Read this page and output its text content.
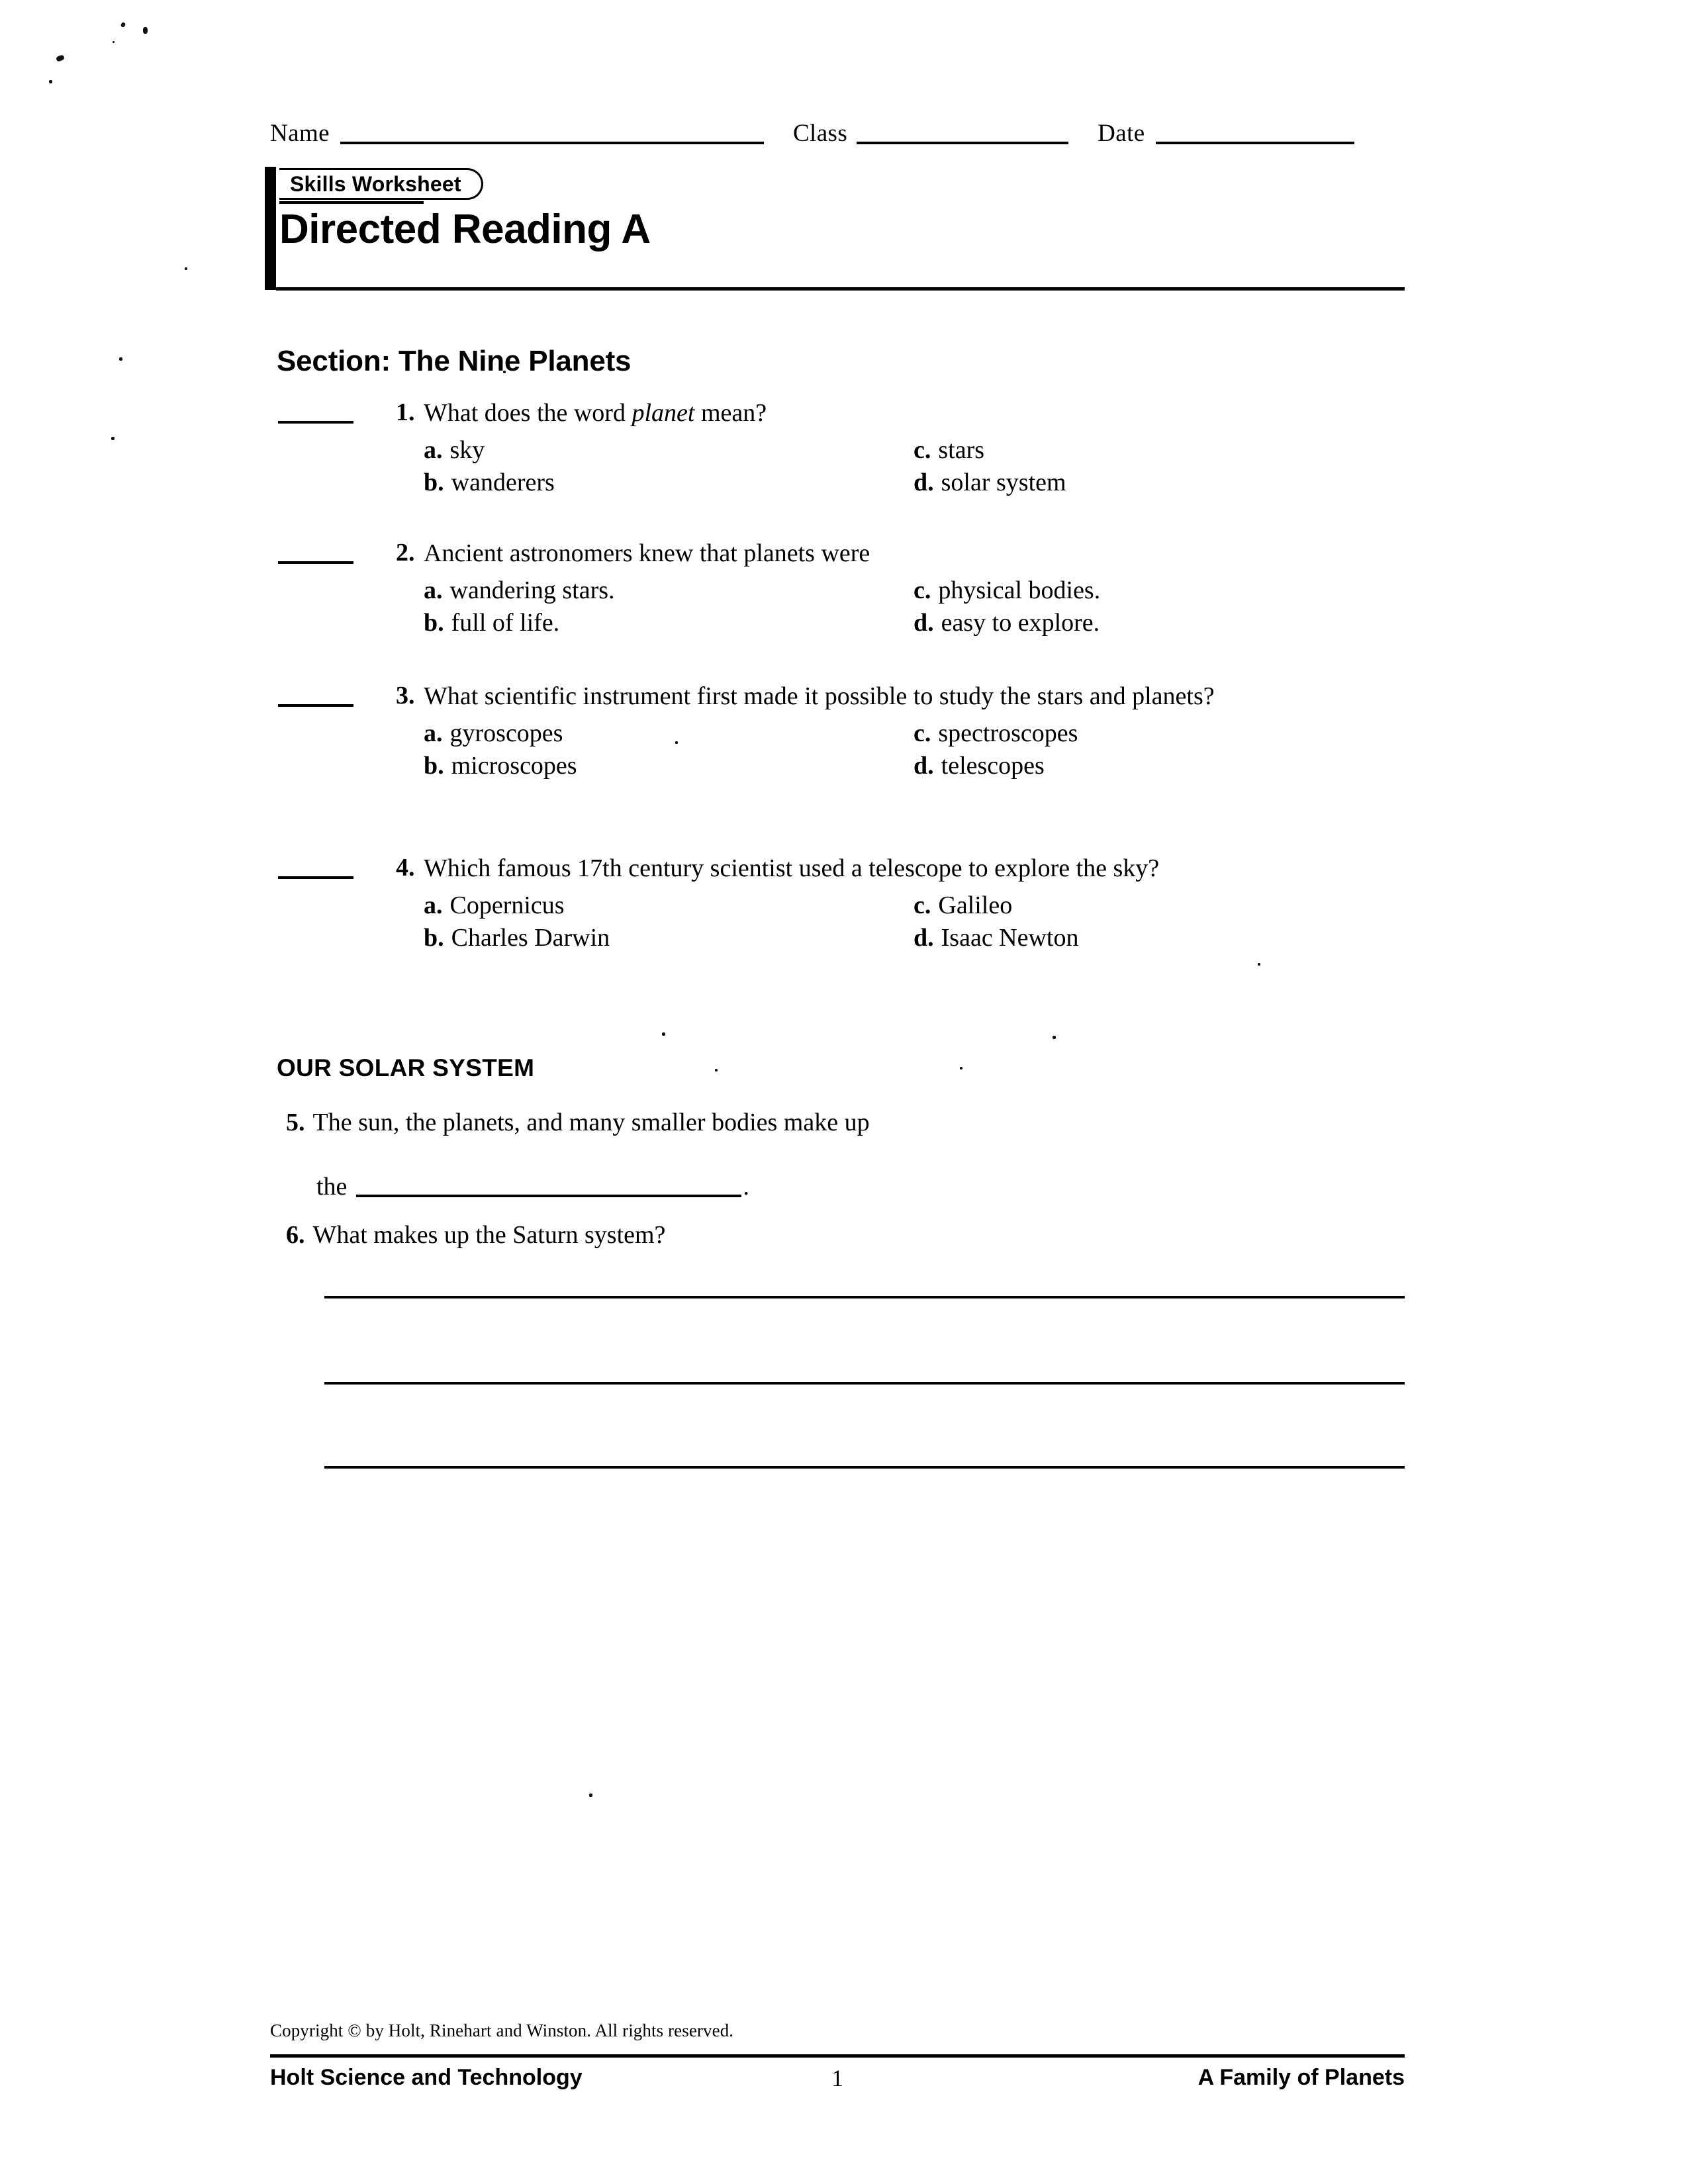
Name	Class	Date
Skills Worksheet
Directed Reading A
Section: The Nine Planets
1. What does the word planet mean?
a. sky	c. stars
b. wanderers	d. solar system
2. Ancient astronomers knew that planets were
a. wandering stars.	c. physical bodies.
b. full of life.	d. easy to explore.
3. What scientific instrument first made it possible to study the stars and planets?
a. gyroscopes	c. spectroscopes
b. microscopes	d. telescopes
4. Which famous 17th century scientist used a telescope to explore the sky?
a. Copernicus	c. Galileo
b. Charles Darwin	d. Isaac Newton
OUR SOLAR SYSTEM
5. The sun, the planets, and many smaller bodies make up
the	.
6. What makes up the Saturn system?
Copyright © by Holt, Rinehart and Winston. All rights reserved.
Holt Science and Technology	1	A Family of Planets
